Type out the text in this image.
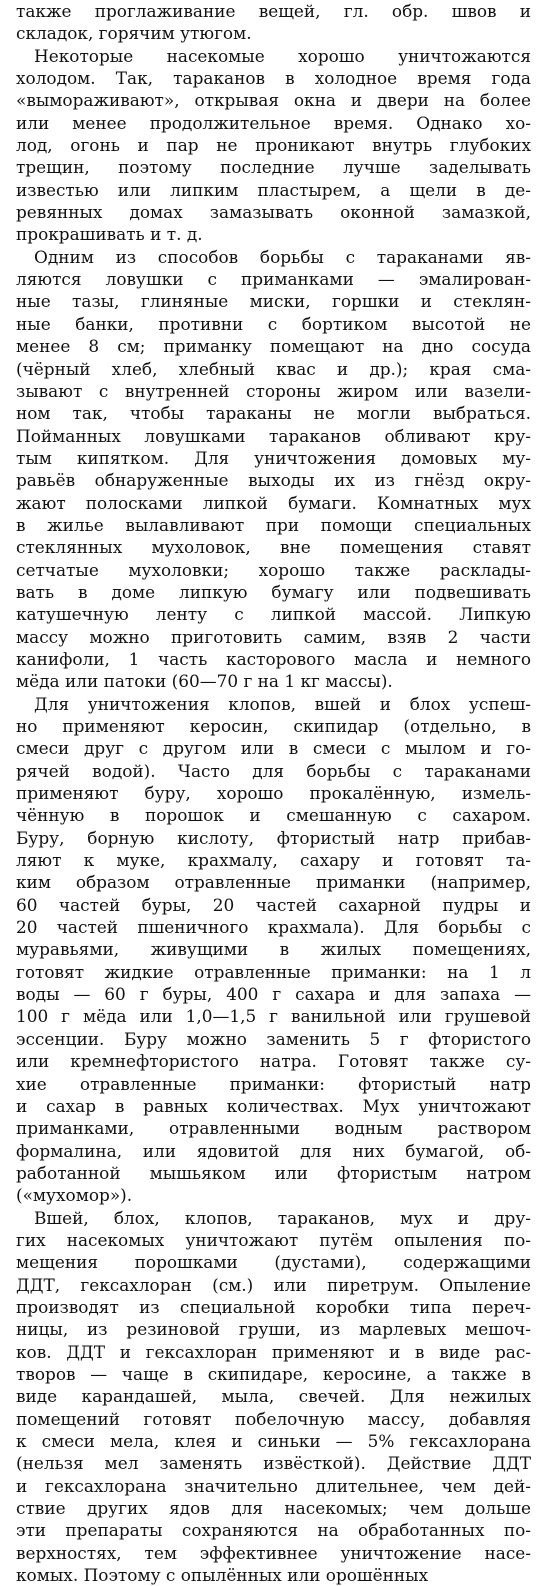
также проглаживание вещей, гл. обр. швов и
складок, горячим утюгом.
Некоторые насекомые хорошо уничтожаются
холодом. Так, тараканов в холодное время года
«вымораживают», открывая окна и двери на более
или менее продолжительное время. Однако хо-
лод, огонь и пар не проникают внутрь глубоких
трещин, поэтому последние лучше заделывать
известью или липким пластырем, а щели в де-
ревянных домах замазывать оконной замазкой,
прокрашивать и т. д.
Одним из способов борьбы с тараканами яв-
ляются ловушки с приманками — эмалирован-
ные тазы, глиняные миски, горшки и стеклян-
ные банки, противни с бортиком высотой не
менее 8 см; приманку помещают на дно сосуда
(чёрный хлеб, хлебный квас и др.); края сма-
зывают с внутренней стороны жиром или вазели-
ном так, чтобы тараканы не могли выбраться.
Пойманных ловушками тараканов обливают кру-
тым кипятком. Для уничтожения домовых му-
равьёв обнаруженные выходы их из гнёзд окру-
жают полосками липкой бумаги. Комнатных мух
в жилье вылавливают при помощи специальных
стеклянных мухоловок, вне помещения ставят
сетчатые мухоловки; хорошо также расклады-
вать в доме липкую бумагу или подвешивать
катушечную ленту с липкой массой. Липкую
массу можно приготовить самим, взяв 2 части
канифоли, 1 часть касторового масла и немного
мёда или патоки (60—70 г на 1 кг массы).
Для уничтожения клопов, вшей и блох успеш-
но применяют керосин, скипидар (отдельно, в
смеси друг с другом или в смеси с мылом и го-
рячей водой). Часто для борьбы с тараканами
применяют буру, хорошо прокалённую, измель-
чённую в порошок и смешанную с сахаром.
Буру, борную кислоту, фтористый натр прибав-
ляют к муке, крахмалу, сахару и готовят та-
ким образом отравленные приманки (например,
60 частей буры, 20 частей сахарной пудры и
20 частей пшеничного крахмала). Для борьбы с
муравьями, живущими в жилых помещениях,
готовят жидкие отравленные приманки: на 1 л
воды — 60 г буры, 400 г сахара и для запаха —
100 г мёда или 1,0—1,5 г ванильной или грушевой
эссенции. Буру можно заменить 5 г фтористого
или кремнефтористого натра. Готовят также су-
хие отравленные приманки: фтористый натр
и сахар в равных количествах. Мух уничтожают
приманками, отравленными водным раствором
формалина, или ядовитой для них бумагой, об-
работанной мышьяком или фтористым натром
(«мухомор»).
Вшей, блох, клопов, тараканов, мух и дру-
гих насекомых уничтожают путём опыления по-
мещения порошками (дустами), содержащими
ДДТ, гексахлоран (см.) или пиретрум. Опыление
производят из специальной коробки типа переч-
ницы, из резиновой груши, из марлевых мешоч-
ков. ДДТ и гексахлоран применяют и в виде рас-
творов — чаще в скипидаре, керосине, а также в
виде карандашей, мыла, свечей. Для нежилых
помещений готовят побелочную массу, добавляя
к смеси мела, клея и синьки — 5% гексахлорана
(нельзя мел заменять извёсткой). Действие ДДТ
и гексахлорана значительно длительнее, чем дей-
ствие других ядов для насекомых; чем дольше
эти препараты сохраняются на обработанных по-
верхностях, тем эффективнее уничтожение насе-
комых. Поэтому с опылённых или орошённых
